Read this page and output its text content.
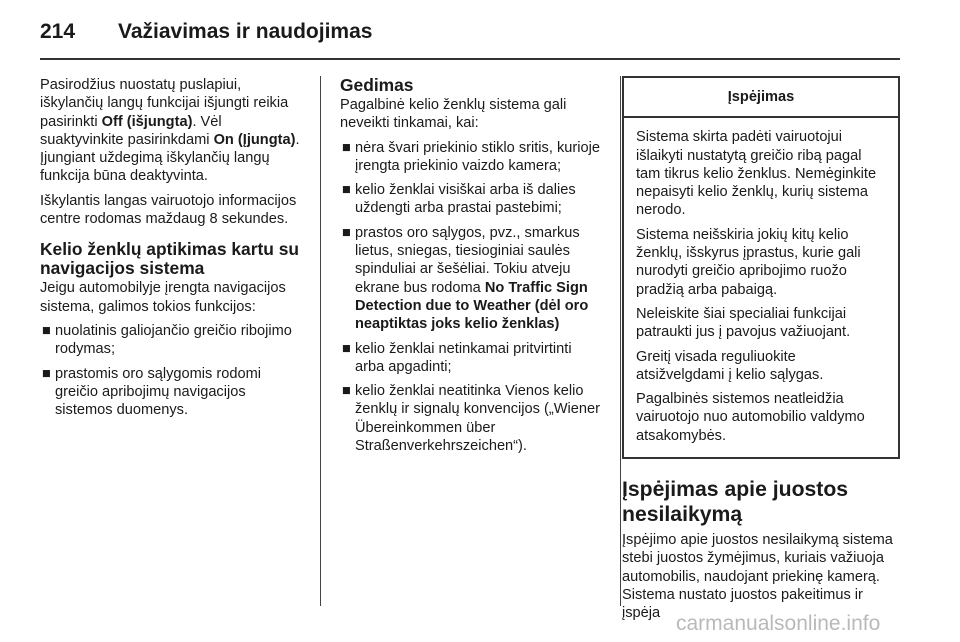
214 Važiavimas ir naudojimas

Pasirodžius nuostatų puslapiui, iškylančių langų funkcijai išjungti reikia pasirinkti Off (išjungta). Vėl suaktyvinkite pasirinkdami On (Įjungta). Įjungiant uždegimą iškylančių langų funkcija būna deaktyvinta.

Iškylantis langas vairuotojo informacijos centre rodomas maždaug 8 sekundes.

Kelio ženklų aptikimas kartu su navigacijos sistema

Jeigu automobilyje įrengta navigacijos sistema, galimos tokios funkcijos:

■ nuolatinis galiojančio greičio ribojimo rodymas;
■ prastomis oro sąlygomis rodomi greičio apribojimų navigacijos sistemos duomenys.
Gedimas

Pagalbinė kelio ženklų sistema gali neveikti tinkamai, kai:

■ nėra švari priekinio stiklo sritis, kurioje įrengta priekinio vaizdo kamera;
■ kelio ženklai visiškai arba iš dalies uždengti arba prastai pastebimi;
■ prastos oro sąlygos, pvz., smarkus lietus, sniegas, tiesioginiai saulės spinduliai ar šešėliai. Tokiu atveju ekrane bus rodoma No Traffic Sign Detection due to Weather (dėl oro neaptiktas joks kelio ženklas)
■ kelio ženklai netinkamai pritvirtinti arba apgadinti;
■ kelio ženklai neatitinka Vienos kelio ženklų ir signalų konvencijos („Wiener Übereinkommen über Straßenverkehrszeichen“).
Įspėjimas

Sistema skirta padėti vairuotojui išlaikyti nustatytą greičio ribą pagal tam tikrus kelio ženklus. Nemėginkite nepaisyti kelio ženklų, kurių sistema nerodo.

Sistema neišskiria jokių kitų kelio ženklų, išskyrus įprastus, kurie gali nurodyti greičio apribojimo ruožo pradžią arba pabaigą.

Neleiskite šiai specialiai funkcijai patraukti jus į pavojus važiuojant.

Greitį visada reguliuokite atsižvelgdami į kelio sąlygas.

Pagalbinės sistemos neatleidžia vairuotojo nuo automobilio valdymo atsakomybės.

Įspėjimas apie juostos nesilaikymą

Įspėjimo apie juostos nesilaikymą sistema stebi juostos žymėjimus, kuriais važiuoja automobilis, naudojant priekinę kamerą. Sistema nustato juostos pakeitimus ir įspėja carmanualsonline.info
